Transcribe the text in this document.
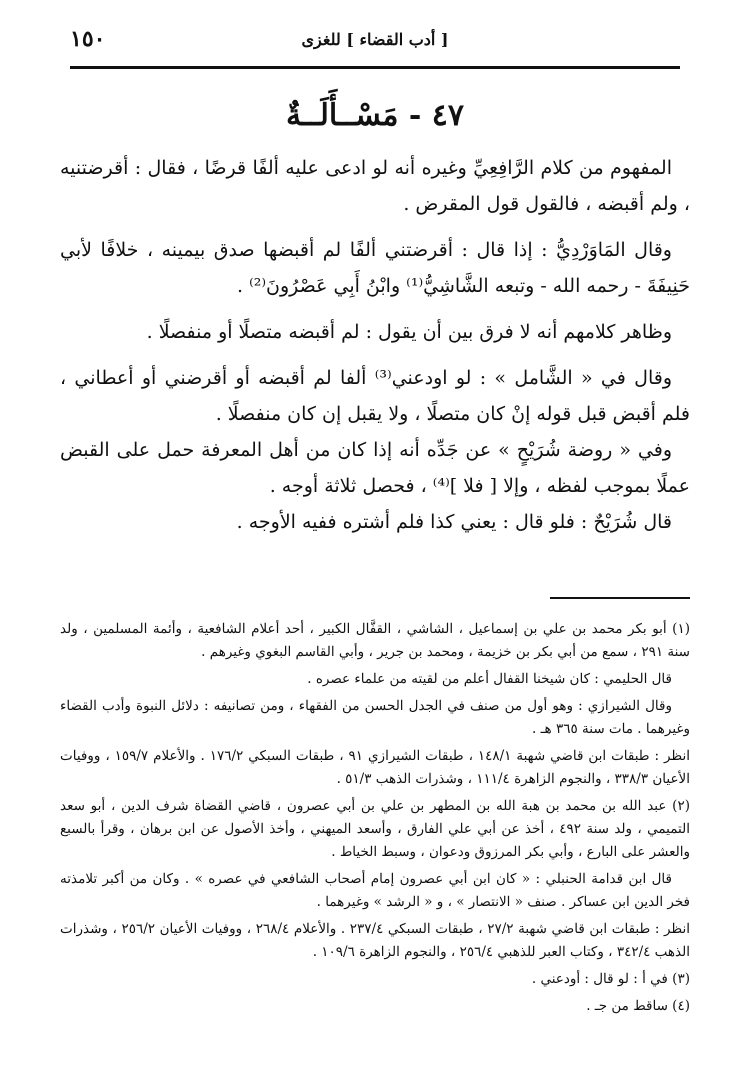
١٥٠	[ أدب القضاء ] للغزى
٤٧ - مَسْــأَلَــةٌ

المفهوم من كلام الرَّافِعِيِّ وغيره أنه لو ادعى عليه ألفًا قرضًا ، فقال : أقرضتنيه ، ولم أقبضه ، فالقول قول المقرض .

وقال المَاوَرْدِيُّ : إذا قال : أقرضتني ألفًا لم أقبضها صدق بيمينه ، خلافًا لأبي حَنِيفَةَ - رحمه الله - وتبعه الشَّاشِيُّ⁽¹⁾ وابْنُ أَبِي عَصْرُونَ⁽²⁾ .

وظاهر كلامهم أنه لا فرق بين أن يقول : لم أقبضه متصلًا أو منفصلًا .

وقال في « الشَّامل » : لو اودعني⁽³⁾ ألفا لم أقبضه أو أقرضني أو أعطاني ، فلم أقبض قبل قوله إنْ كان متصلًا ، ولا يقبل إن كان منفصلًا .

وفي « روضة شُرَيْحٍ » عن جَدِّه أنه إذا كان من أهل المعرفة حمل على القبض عملًا بموجب لفظه ، وإلا [ فلا ]⁽⁴⁾ ، فحصل ثلاثة أوجه .

قال شُرَيْحٌ : فلو قال : يعني كذا فلم أشتره ففيه الأوجه .

(١) أبو بكر محمد بن علي بن إسماعيل ، الشاشي ، القفَّال الكبير ، أحد أعلام الشافعية ، وأئمة المسلمين ، ولد سنة ٢٩١ ، سمع من أبي بكر بن خزيمة ، ومحمد بن جرير ، وأبي القاسم البغوي وغيرهم .

قال الحليمي : كان شيخنا القفال أعلم من لقيته من علماء عصره .

وقال الشيرازي : وهو أول من صنف في الجدل الحسن من الفقهاء ، ومن تصانيفه : دلائل النبوة وأدب القضاء وغيرهما . مات سنة ٣٦٥ هـ .

انظر : طبقات ابن قاضي شهبة ١٤٨/١ ، طبقات الشيرازي ٩١ ، طبقات السبكي ١٧٦/٢ . والأعلام ١٥٩/٧ ، ووفيات الأعيان ٣٣٨/٣ ، والنجوم الزاهرة ١١١/٤ ، وشذرات الذهب ٥١/٣ .

(٢) عبد الله بن محمد بن هبة الله بن المطهر بن علي بن أبي عصرون ، قاضي القضاة شرف الدين ، أبو سعد التميمي ، ولد سنة ٤٩٢ ، أخذ عن أبي علي الفارق ، وأسعد الميهني ، وأخذ الأصول عن ابن برهان ، وقرأ بالسبع والعشر على البارع ، وأبي بكر المرزوق ودعوان ، وسبط الخياط .

قال ابن قدامة الحنبلي : « كان ابن أبي عصرون إمام أصحاب الشافعي في عصره » . وكان من أكبر تلامذته فخر الدين ابن عساكر . صنف « الانتصار » ، و « الرشد » وغيرهما .

انظر : طبقات ابن قاضي شهبة ٢٧/٢ ، طبقات السبكي ٢٣٧/٤ . والأعلام ٢٦٨/٤ ، ووفيات الأعيان ٢٥٦/٢ ، وشذرات الذهب ٣٤٢/٤ ، وكتاب العبر للذهبي ٢٥٦/٤ ، والنجوم الزاهرة ١٠٩/٦ .

(٣) في أ : لو قال : أودعني .

(٤) ساقط من جـ .
